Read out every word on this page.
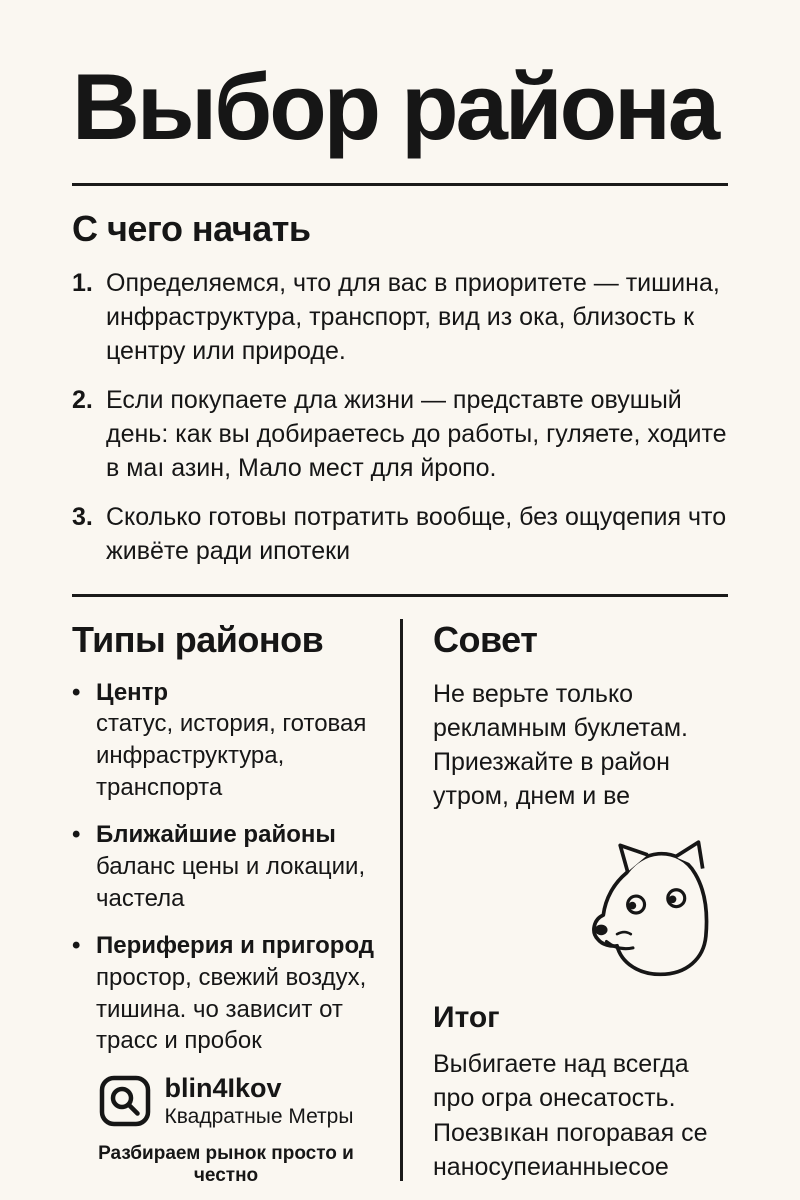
Выбор района
С чего начать
1. Определяемся, что для вас в приоритете — тишина, инфраструктура, транспорт, вид из ока, близость к центру или природе.
2. Если покупаете дла жизни — представте овушый день: как вы добираетесь до работы, гуляете, ходите в маı азин, Мало мест для йропо.
3. Сколько готовы потратить вообще, без ощуqепия что живёте ради ипотеки
Типы районов
• Центр
статус, история, готовая инфраструктура, транспорта
• Ближайшие районы
баланс цены и локации, частела
• Периферия и пригород
простор, свежий воздух, тишина. чо зависит от трасс и пробок
blin4Ikov
Квадратные Метры
Разбираем рынок просто и честно
Совет

Не верьте только рекламным буклетам. Приезжайте в район утром, днем и ве

Итог

Выбигаете над всегда про огра онесатость. Поезвıкан погоравая се наносупеианныесое
